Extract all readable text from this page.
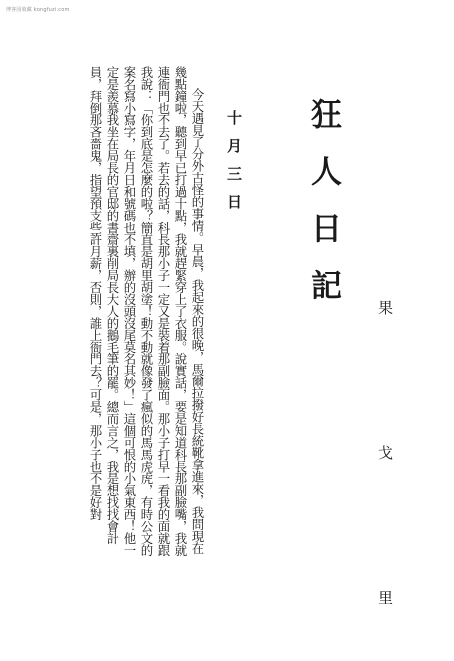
博客园收藏 kongfuzi.com
狂人日記
果 戈 里
十月三日

今天遇見了分外古怪的事情。早晨，我起來的很晚，馬爾拉撥好長統靴拿進來，我問現在幾點鐘啦，聽到早已打過十點，我就趕緊穿上了衣服。說實話，要是知道科長那副臉嘴，我就連衙門也不去了。若去的話，科長那小子一定又是裝着那副臉面。那小子打早一看我的面就跟我說：「你到底是怎麼的啦？簡直是胡里胡塗！動不動就像發了瘋似的馬馬虎虎，有時公文的案名寫小寫字，年月日和號碼也不填，辦的沒頭沒尾莫名其妙！」這個可恨的小氣東西！他一定是羨慕我坐在局長的官邸的書齋裏削局長大人的鵝毛筆的罷。總而言之，我是想找找會計員，拜倒那吝嗇鬼，指望預支些許月薪，否則，誰上衙門去？可是，那小子也不是好對
